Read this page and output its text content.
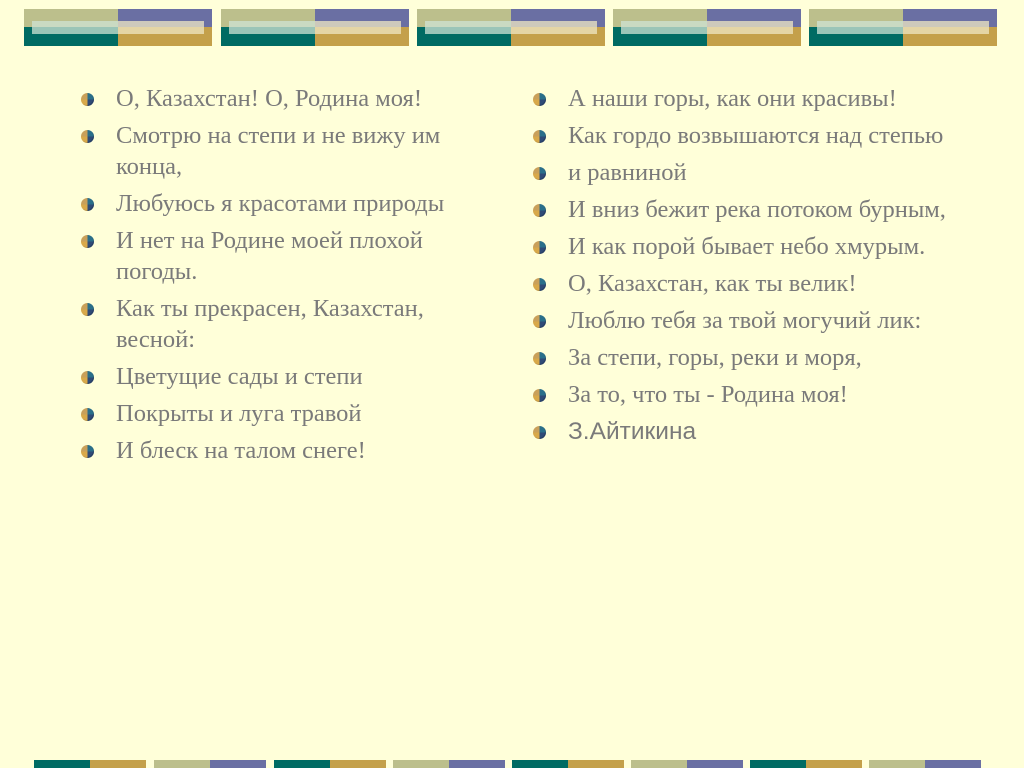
О, Казахстан! О, Родина моя!
Смотрю на степи и не вижу им конца,
Любуюсь я красотами природы
И нет на Родине моей плохой погоды.
Как ты прекрасен, Казахстан, весной:
Цветущие сады и степи
Покрыты и луга травой
И блеск на талом снеге!
А наши горы, как они красивы!
Как гордо возвышаются над степью
и равниной
И вниз бежит река потоком бурным,
И как порой бывает небо хмурым.
О, Казахстан, как ты велик!
Люблю тебя за твой могучий лик:
За степи, горы, реки и моря,
За то, что ты - Родина моя!
З.Айтикина
